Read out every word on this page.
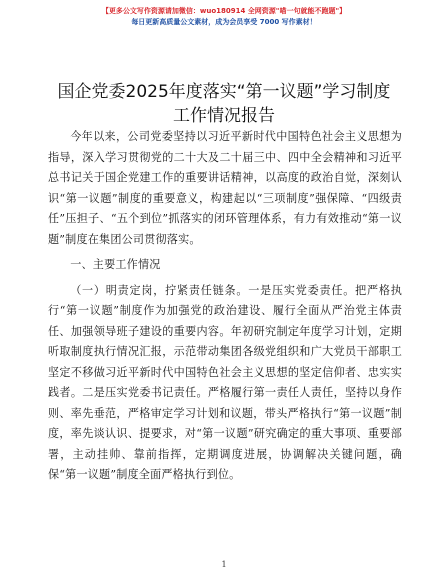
【更多公文写作资源请加微信：wuo180914 全网资源"喵一句就能不跑题"】
每日更新高质量公文素材，成为会员享受 7000 写作素材！
国企党委2025年度落实“第一议题”学习制度
工作情况报告

今年以来，公司党委坚持以习近平新时代中国特色社会主义思想为指导，深入学习贯彻党的二十大及二十届三中、四中全会精神和习近平总书记关于国企党建工作的重要讲话精神，以高度的政治自觉，深刻认识“第一议题”制度的重要意义，构建起以“三项制度”强保障、“四级责任”压担子、“五个到位”抓落实的闭环管理体系，有力有效推动“第一议题”制度在集团公司贯彻落实。

一、主要工作情况

（一）明责定岗，拧紧责任链条。一是压实党委责任。把严格执行“第一议题”制度作为加强党的政治建设、履行全面从严治党主体责任、加强领导班子建设的重要内容。年初研究制定年度学习计划，定期听取制度执行情况汇报，示范带动集团各级党组织和广大党员干部职工坚定不移做习近平新时代中国特色社会主义思想的坚定信仰者、忠实实践者。二是压实党委书记责任。严格履行第一责任人责任，坚持以身作则、率先垂范，严格审定学习计划和议题，带头严格执行“第一议题”制度，率先谈认识、提要求，对“第一议题”研究确定的重大事项、重要部署，主动挂帅、靠前指挥，定期调度进展，协调解决关键问题，确保“第一议题”制度全面严格执行到位。

1
